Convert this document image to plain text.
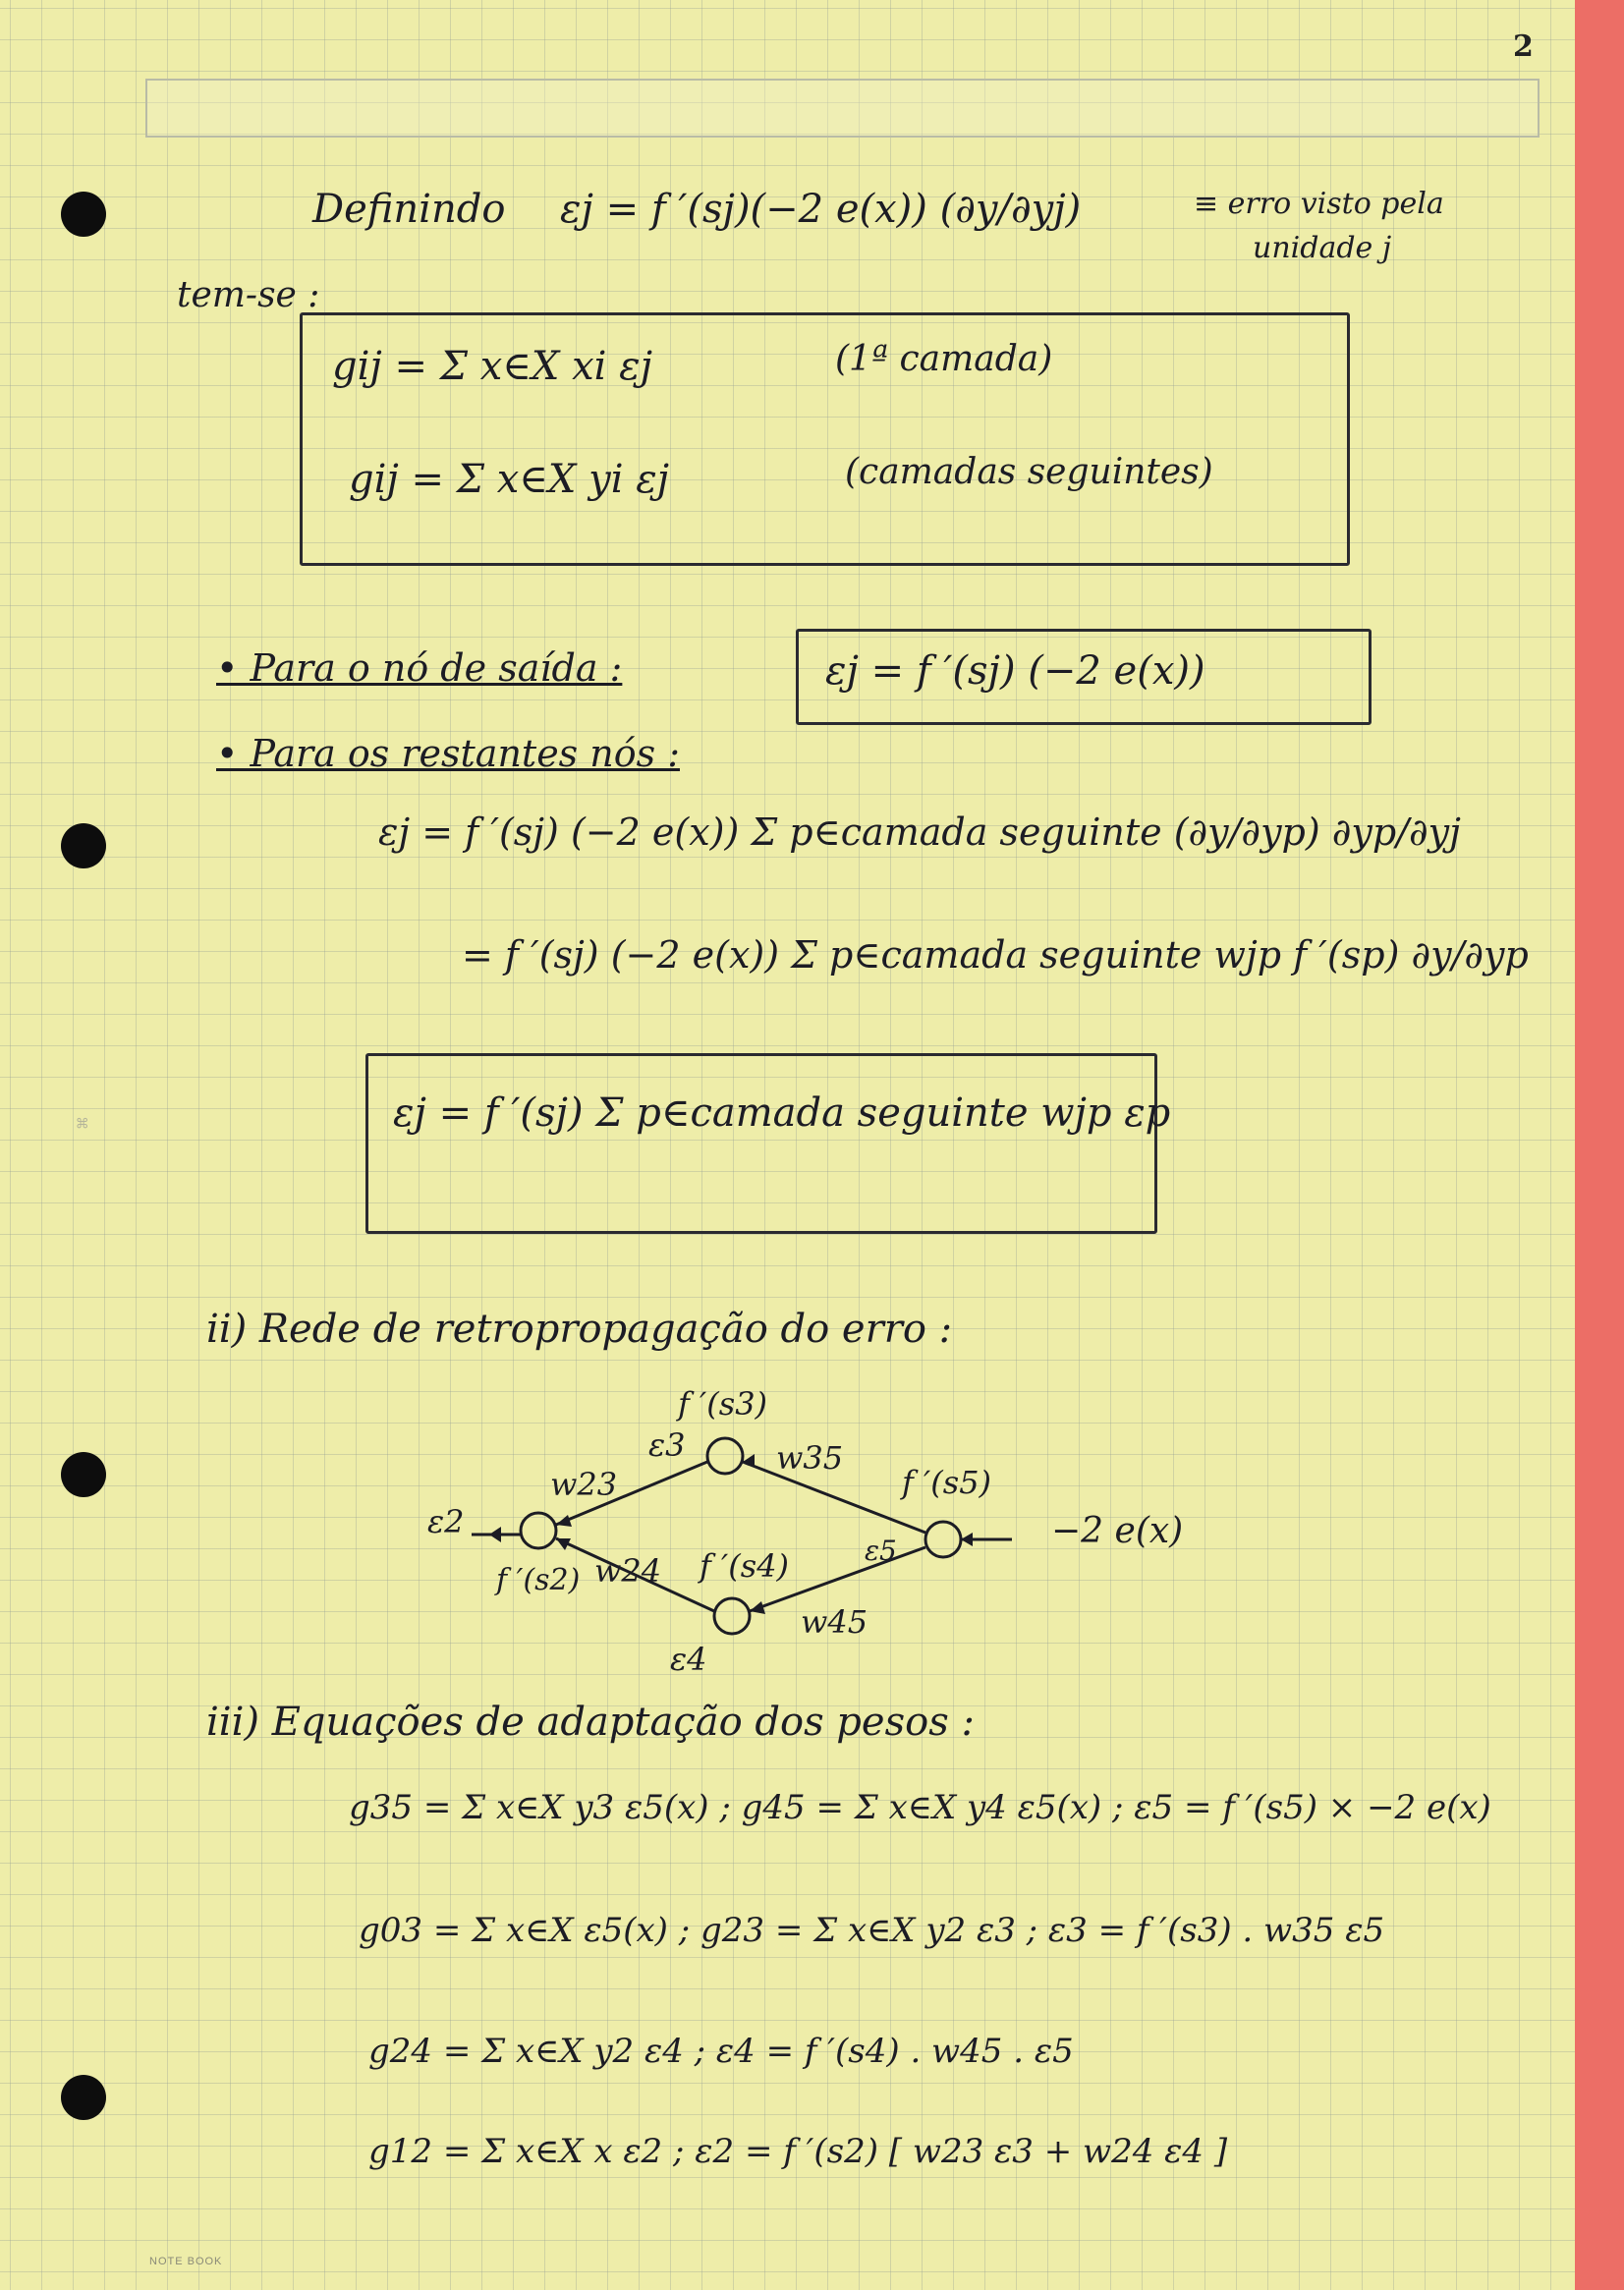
2
⌘
Definindo εj = f ′(sj)(−2 e(x)) (∂y/∂yj)	≡ erro visto pela
unidade j
tem-se :
gij = Σ x∈X xi εj	(1ª camada)
gij = Σ x∈X yi εj	(camadas seguintes)
• Para o nó de saída :	εj = f ′(sj) (−2 e(x))
• Para os restantes nós :
εj = f ′(sj) (−2 e(x)) Σ p∈camada seguinte (∂y/∂yp) ∂yp/∂yj
= f ′(sj) (−2 e(x)) Σ p∈camada seguinte wjp f ′(sp) ∂y/∂yp
εj = f ′(sj) Σ p∈camada seguinte wjp εp
ii) Rede de retropropagação do erro :
f ′(s3)
ε3	w35
w23	f ′(s5)
ε2
ε5	−2 e(x)
w24 f ′(s4)
f ′(s2)
w45
ε4
iii) Equações de adaptação dos pesos :
g35 = Σ x∈X y3 ε5(x) ; g45 = Σ x∈X y4 ε5(x) ; ε5 = f ′(s5) × −2 e(x)
g03 = Σ x∈X ε5(x) ; g23 = Σ x∈X y2 ε3 ; ε3 = f ′(s3) . w35 ε5
g24 = Σ x∈X y2 ε4 ; ε4 = f ′(s4) . w45 . ε5
g12 = Σ x∈X x ε2 ; ε2 = f ′(s2) [ w23 ε3 + w24 ε4 ]
NOTE BOOK
